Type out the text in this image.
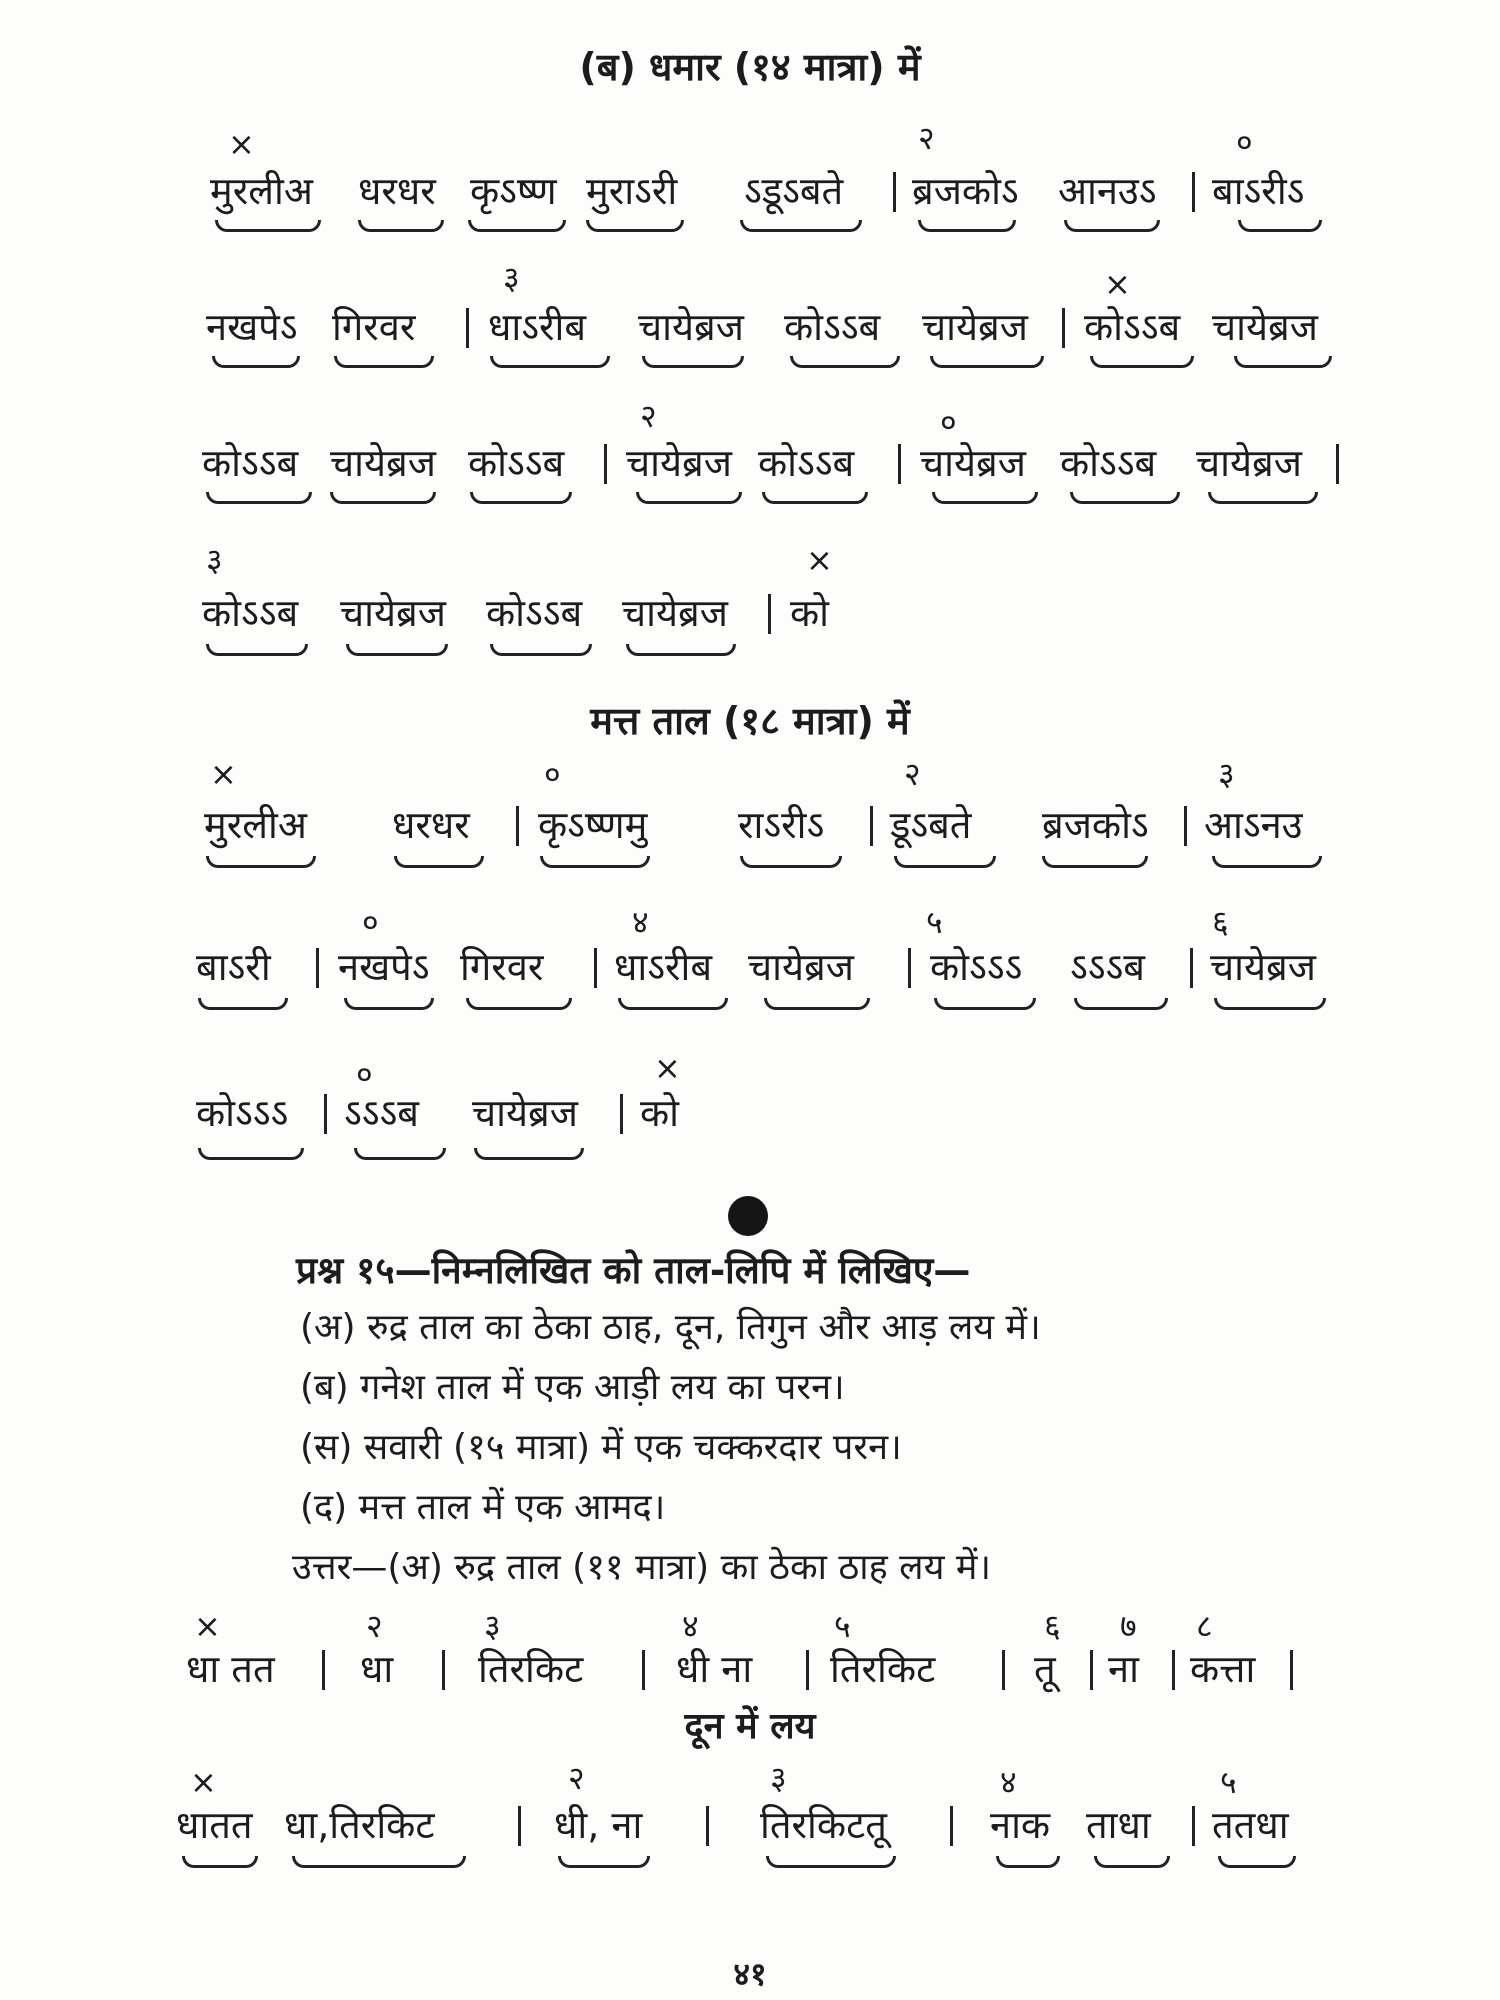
(ब) धमार (१४ मात्रा) में
×	२	०
मुरलीअ धरधर कृऽष्ण मुराऽरी ऽडूऽबते ब्रजकोऽ आनउऽ बाऽरीऽ
३	×
नखपेऽ गिरवर धाऽरीब चायेब्रज कोऽऽब चायेब्रज कोऽऽब चायेब्रज
२	०
कोऽऽब चायेब्रज कोऽऽब चायेब्रज कोऽऽब चायेब्रज कोऽऽब चायेब्रज
३	×
कोऽऽब चायेब्रज कोऽऽब चायेब्रज को
मत्त ताल (१८ मात्रा) में
×	०	२	३
मुरलीअ धरधर कृऽष्णमु राऽरीऽ डूऽबते ब्रजकोऽ आऽनउ
०	४	५	६
बाऽरी नखपेऽ गिरवर धाऽरीब चायेब्रज कोऽऽऽ ऽऽऽब चायेब्रज
०	×
कोऽऽऽ ऽऽऽब चायेब्रज को
प्रश्न १५—निम्नलिखित को ताल-लिपि में लिखिए—
(अ) रुद्र ताल का ठेका ठाह, दून, तिगुन और आड़ लय में।
(ब) गनेश ताल में एक आड़ी लय का परन।
(स) सवारी (१५ मात्रा) में एक चक्करदार परन।
(द) मत्त ताल में एक आमद।
उत्तर—(अ) रुद्र ताल (११ मात्रा) का ठेका ठाह लय में।
×	२	३	४	५	६ ७ ८
धा तत धा तिरकिट धी ना तिरकिट	तू ना कत्ता
दून में लय
×	२	३	४	५
धातत धा,तिरकिट	धी, ना	तिरकिटतू	नाक ताधा ततधा
४१
